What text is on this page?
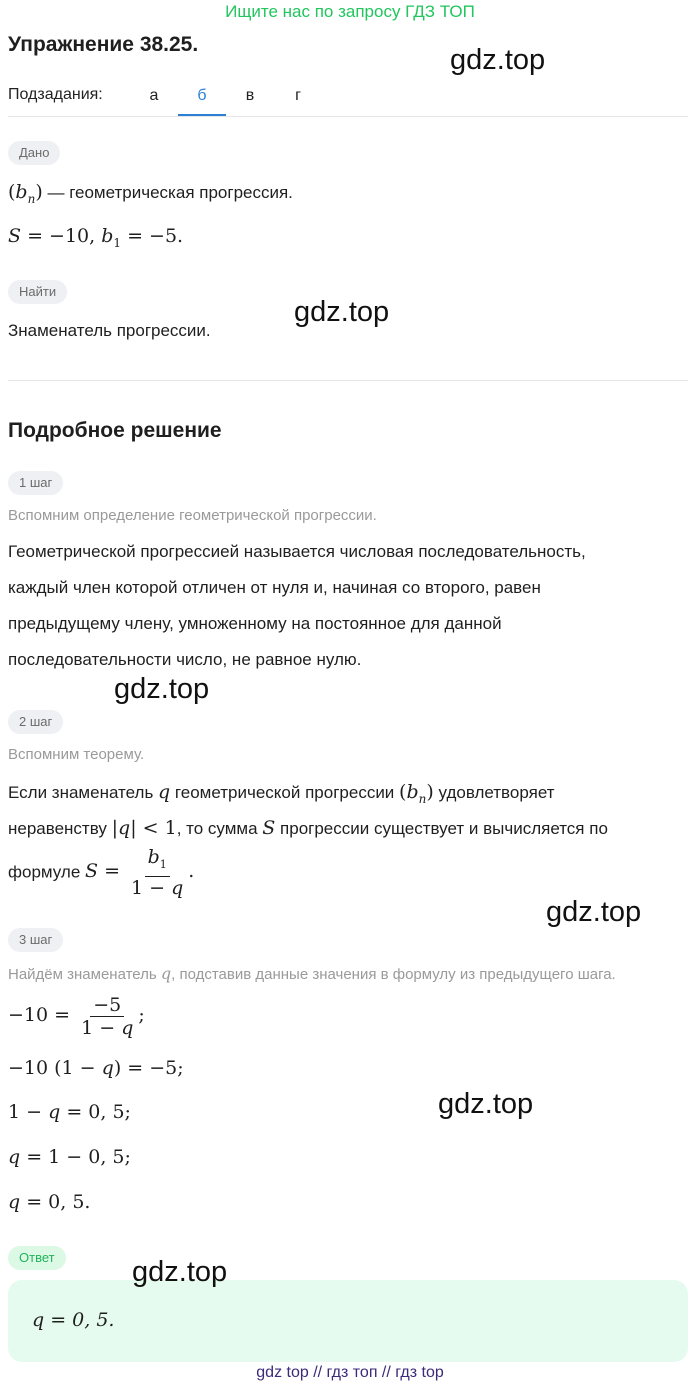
Ищите нас по запросу ГДЗ ТОП
Упражнение 38.25.	gdz.top
Подзадания:	а	б	в	г
Дано
$(b_n)$ — геометрическая прогрессия.
S = −10, $b_1 = -5$.
Найти
gdz.top
Знаменатель прогрессии.
Подробное решение
1 шаг
Вспомним определение геометрической прогрессии.
Геометрической прогрессией называется числовая последовательность,
каждый член которой отличен от нуля и, начиная со второго, равен
предыдущему члену, умноженному на постоянное для данной
последовательности число, не равное нулю.
gdz.top
2 шаг
Вспомним теорему.
Если знаменатель q геометрической прогрессии $(b_n)$ удовлетворяет
неравенству |q| < 1, то сумма S прогрессии существует и вычисляется по
формуле $S = \frac{b_1}{1 - q}$ .
gdz.top
3 шаг
Найдём знаменатель q, подставив данные значения в формулу из предыдущего шага.
$-10 = \frac{-5}{1 - q}$ ;
−10 (1 − q) = −5;
1 − q = 0, 5;	gdz.top
q = 1 − 0, 5;
q = 0, 5.
Ответ
q = 0, 5.
gdz.top
gdz top // гдз топ // гдз top
